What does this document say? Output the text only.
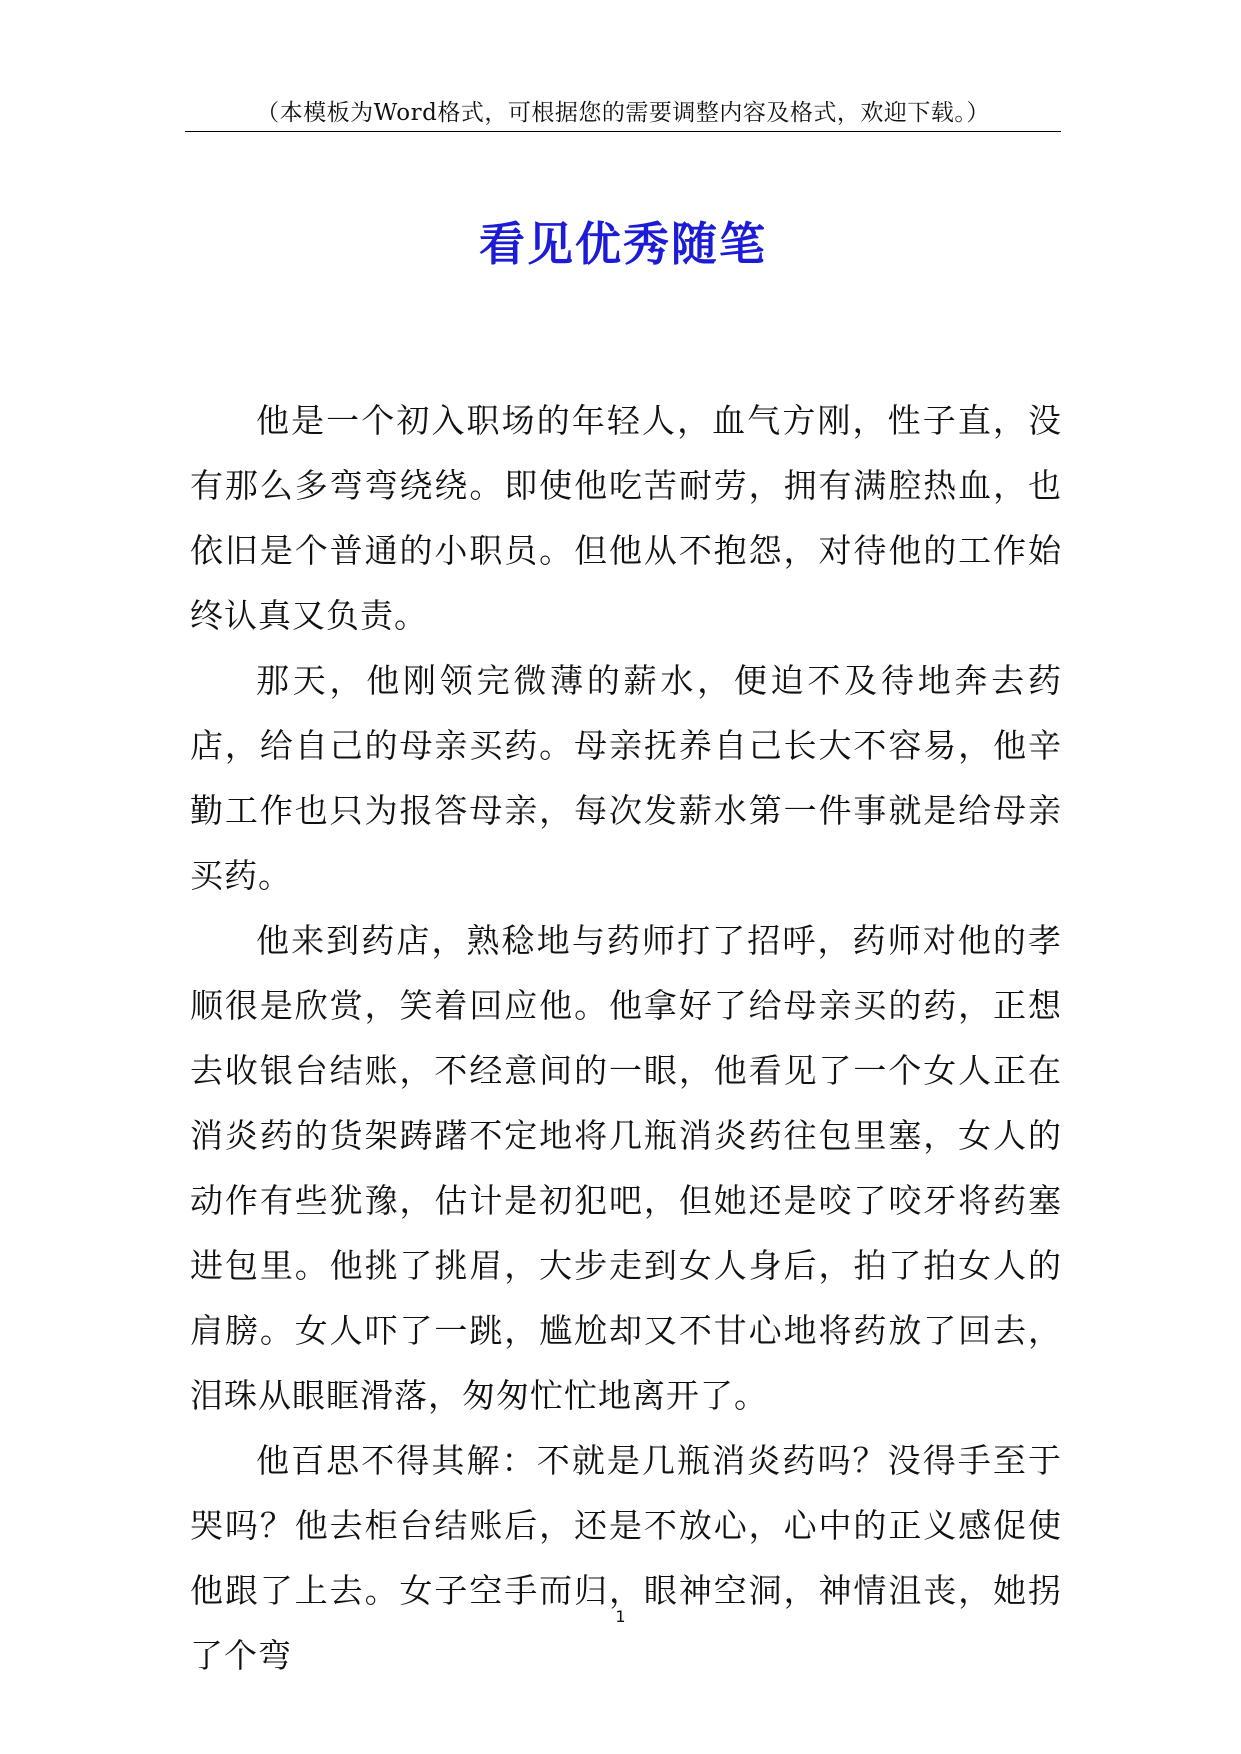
（本模板为Word格式，可根据您的需要调整内容及格式，欢迎下载。）
看见优秀随笔

他是一个初入职场的年轻人，血气方刚，性子直，没有那么多弯弯绕绕。即使他吃苦耐劳，拥有满腔热血，也依旧是个普通的小职员。但他从不抱怨，对待他的工作始终认真又负责。

那天，他刚领完微薄的薪水，便迫不及待地奔去药店，给自己的母亲买药。母亲抚养自己长大不容易，他辛勤工作也只为报答母亲，每次发薪水第一件事就是给母亲买药。

他来到药店，熟稔地与药师打了招呼，药师对他的孝顺很是欣赏，笑着回应他。他拿好了给母亲买的药，正想去收银台结账，不经意间的一眼，他看见了一个女人正在消炎药的货架踌躇不定地将几瓶消炎药往包里塞，女人的动作有些犹豫，估计是初犯吧，但她还是咬了咬牙将药塞进包里。他挑了挑眉，大步走到女人身后，拍了拍女人的肩膀。女人吓了一跳，尴尬却又不甘心地将药放了回去，泪珠从眼眶滑落，匆匆忙忙地离开了。

他百思不得其解：不就是几瓶消炎药吗？没得手至于哭吗？他去柜台结账后，还是不放心，心中的正义感促使他跟了上去。女子空手而归，眼神空洞，神情沮丧，她拐了个弯

1
